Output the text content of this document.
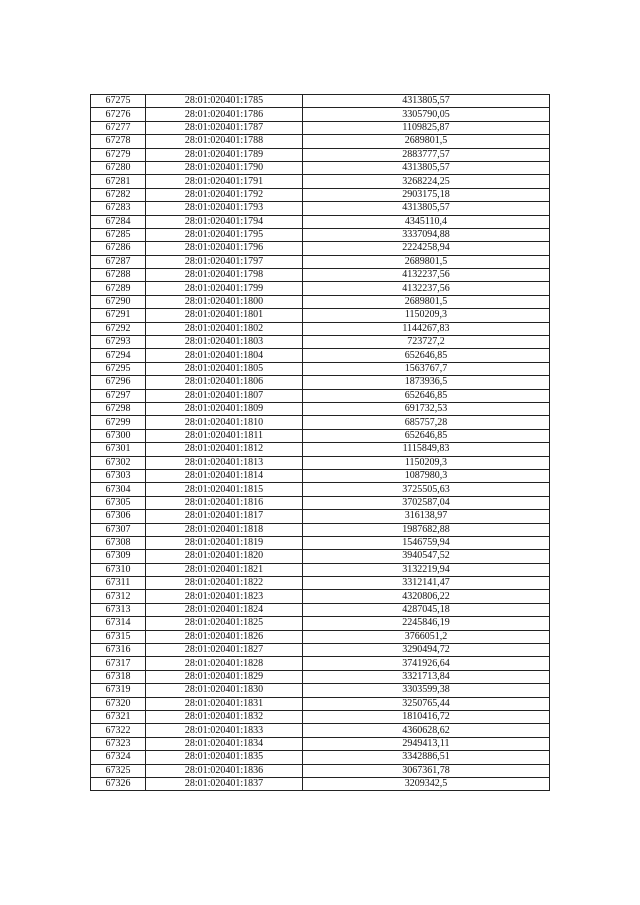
67275	28:01:020401:1785	4313805,57
67276	28:01:020401:1786	3305790,05
67277	28:01:020401:1787	1109825,87
67278	28:01:020401:1788	2689801,5
67279	28:01:020401:1789	2883777,57
67280	28:01:020401:1790	4313805,57
67281	28:01:020401:1791	3268224,25
67282	28:01:020401:1792	2903175,18
67283	28:01:020401:1793	4313805,57
67284	28:01:020401:1794	4345110,4
67285	28:01:020401:1795	3337094,88
67286	28:01:020401:1796	2224258,94
67287	28:01:020401:1797	2689801,5
67288	28:01:020401:1798	4132237,56
67289	28:01:020401:1799	4132237,56
67290	28:01:020401:1800	2689801,5
67291	28:01:020401:1801	1150209,3
67292	28:01:020401:1802	1144267,83
67293	28:01:020401:1803	723727,2
67294	28:01:020401:1804	652646,85
67295	28:01:020401:1805	1563767,7
67296	28:01:020401:1806	1873936,5
67297	28:01:020401:1807	652646,85
67298	28:01:020401:1809	691732,53
67299	28:01:020401:1810	685757,28
67300	28:01:020401:1811	652646,85
67301	28:01:020401:1812	1115849,83
67302	28:01:020401:1813	1150209,3
67303	28:01:020401:1814	1087980,3
67304	28:01:020401:1815	3725505,63
67305	28:01:020401:1816	3702587,04
67306	28:01:020401:1817	316138,97
67307	28:01:020401:1818	1987682,88
67308	28:01:020401:1819	1546759,94
67309	28:01:020401:1820	3940547,52
67310	28:01:020401:1821	3132219,94
67311	28:01:020401:1822	3312141,47
67312	28:01:020401:1823	4320806,22
67313	28:01:020401:1824	4287045,18
67314	28:01:020401:1825	2245846,19
67315	28:01:020401:1826	3766051,2
67316	28:01:020401:1827	3290494,72
67317	28:01:020401:1828	3741926,64
67318	28:01:020401:1829	3321713,84
67319	28:01:020401:1830	3303599,38
67320	28:01:020401:1831	3250765,44
67321	28:01:020401:1832	1810416,72
67322	28:01:020401:1833	4360628,62
67323	28:01:020401:1834	2949413,11
67324	28:01:020401:1835	3342886,51
67325	28:01:020401:1836	3067361,78
67326	28:01:020401:1837	3209342,5
